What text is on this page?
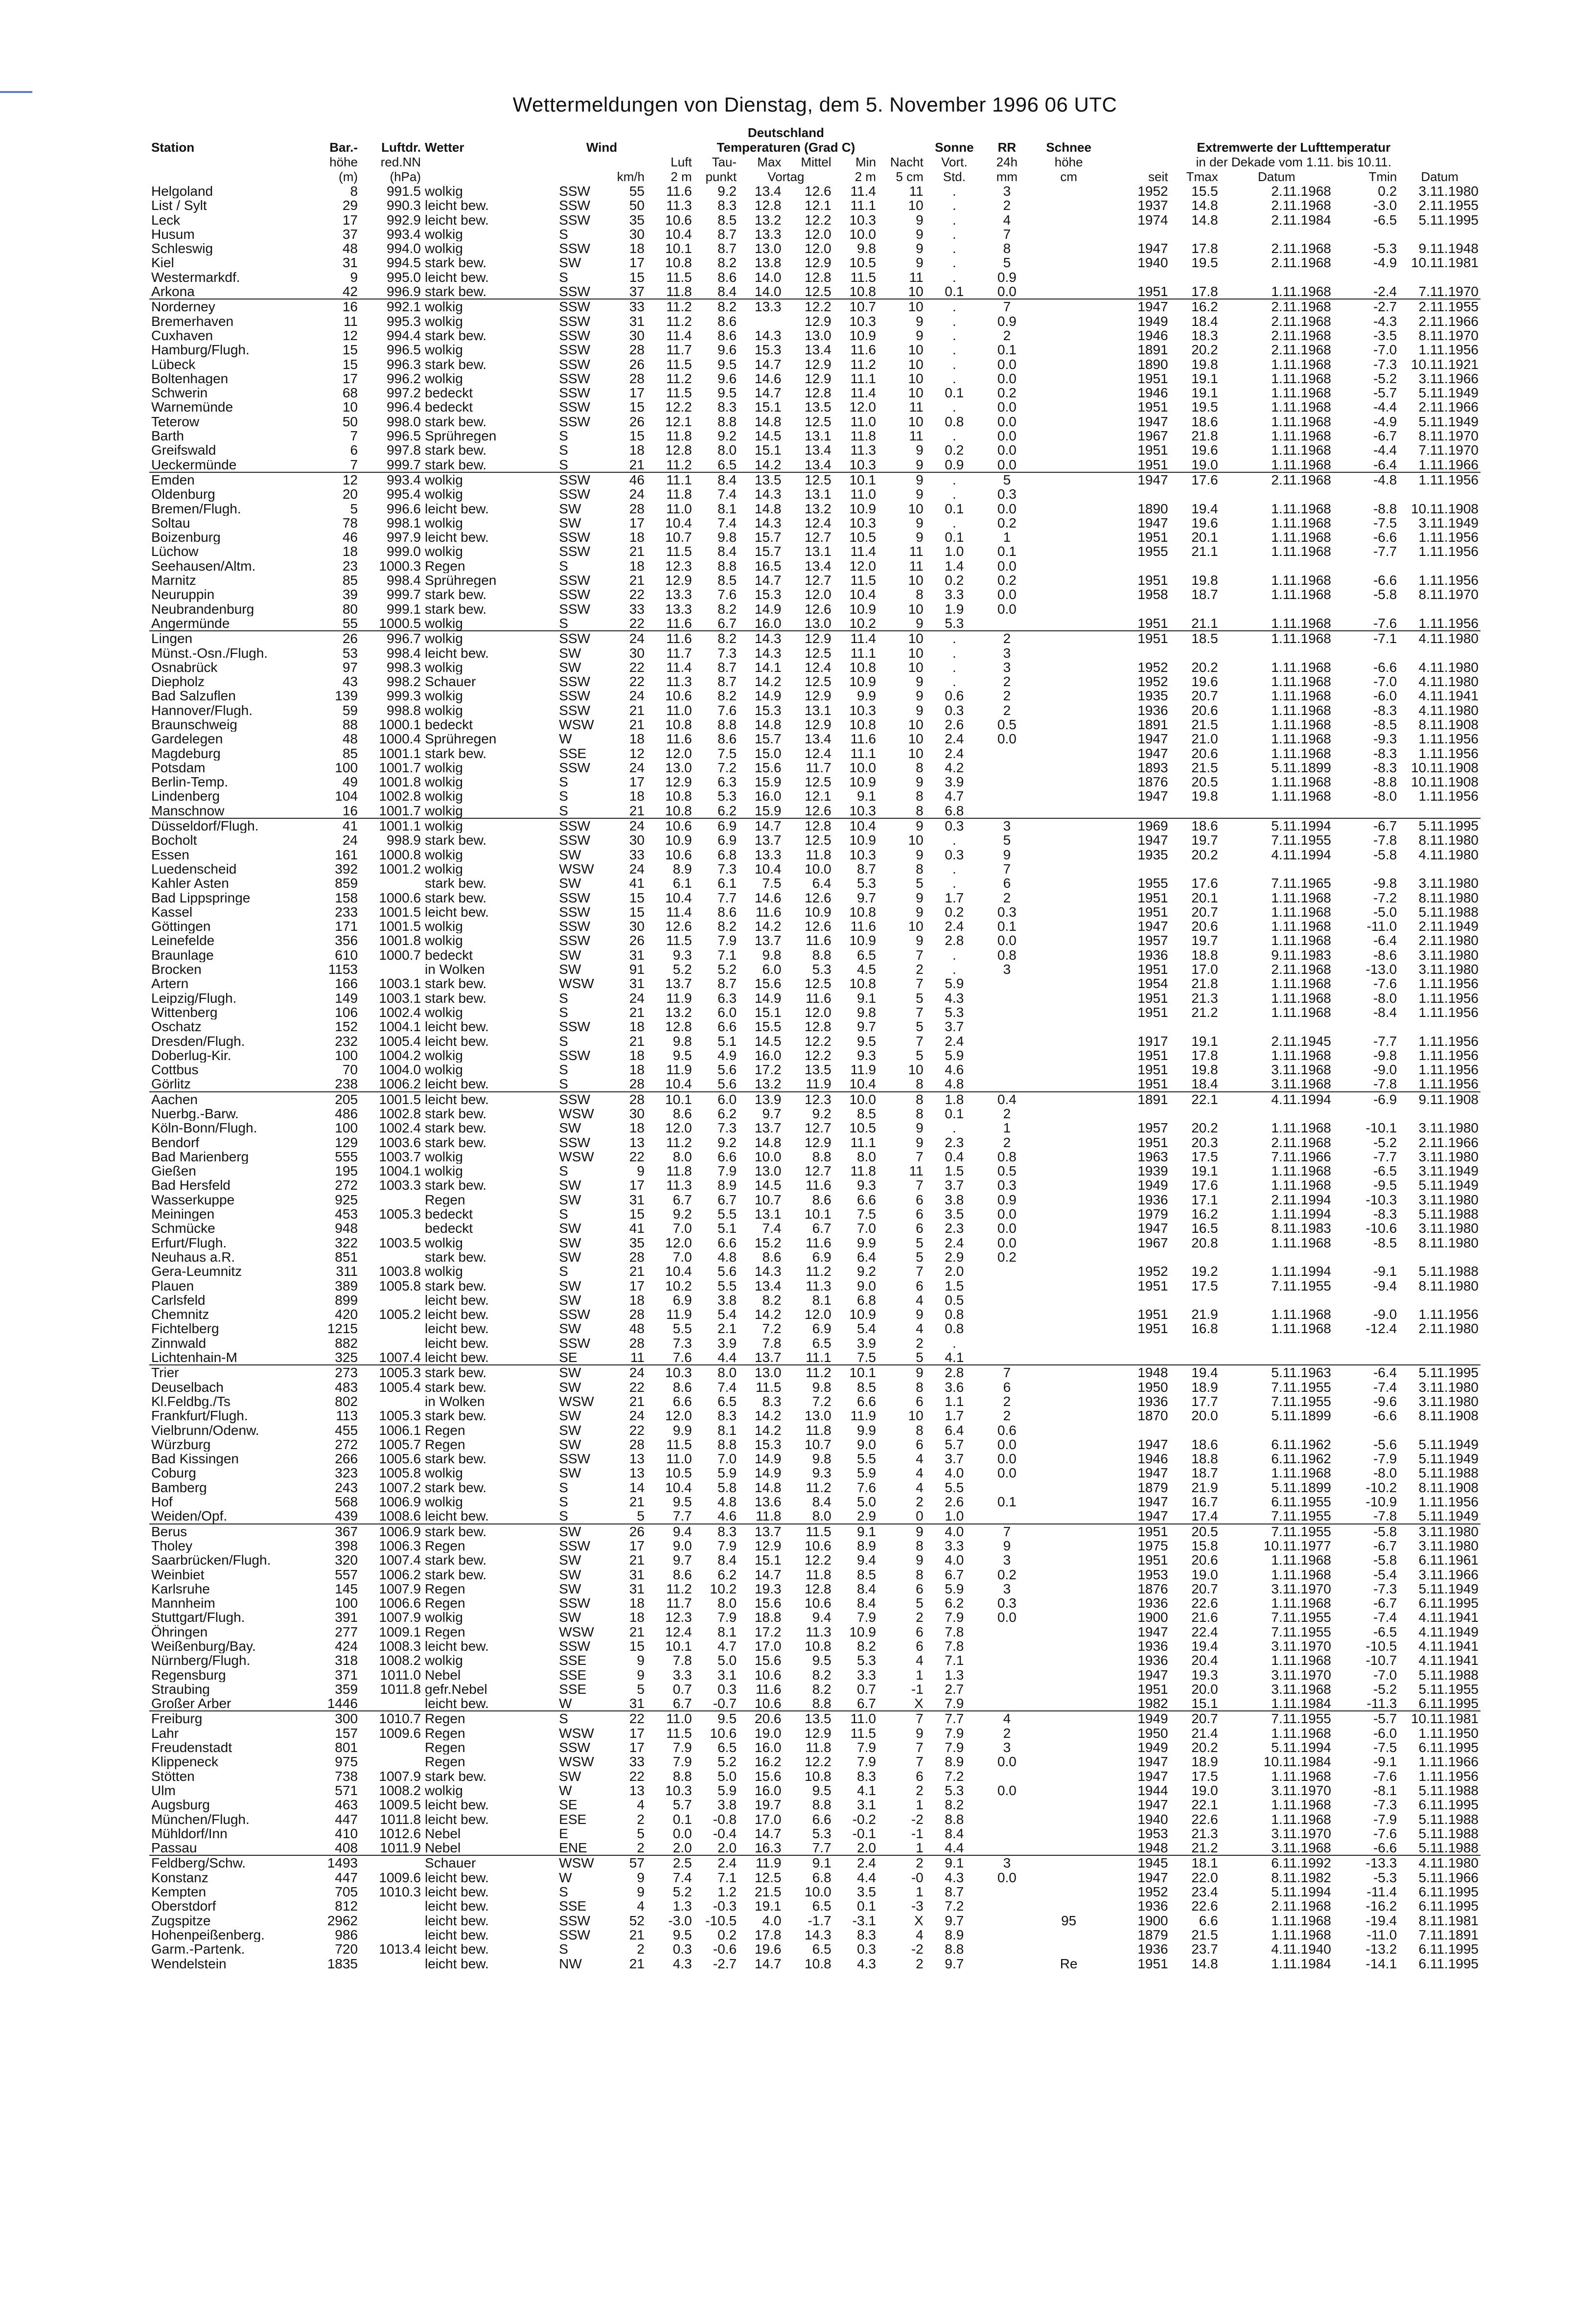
Wettermeldungen von Dienstag, dem 5. November 1996 06 UTC
						Deutschland													
Station	Bar.-	Luftdr.	Wetter	Wind		Temperaturen (Grad C)						Sonne	RR	Schnee	Extremwerte der Lufttemperatur				
	höhe	red.NN				Luft	Tau-	Max	Mittel	Min	Nacht	Vort.	24h	höhe	in der Dekade vom 1.11. bis 10.11.				
	(m)	(hPa)			km/h	2 m	punkt	Vortag		2 m	5 cm	Std.	mm	cm	seit	Tmax	Datum	Tmin	Datum
Helgoland	8	991.5	wolkig	SSW	55	11.6	9.2	13.4	12.6	11.4	11	.	3		1952	15.5	2.11.1968	0.2	3.11.1980
List / Sylt	29	990.3	leicht bew.	SSW	50	11.3	8.3	12.8	12.1	11.1	10	.	2		1937	14.8	2.11.1968	-3.0	2.11.1955
Leck	17	992.9	leicht bew.	SSW	35	10.6	8.5	13.2	12.2	10.3	9	.	4		1974	14.8	2.11.1984	-6.5	5.11.1995
Husum	37	993.4	wolkig	S	30	10.4	8.7	13.3	12.0	10.0	9	.	7						
Schleswig	48	994.0	wolkig	SSW	18	10.1	8.7	13.0	12.0	9.8	9	.	8		1947	17.8	2.11.1968	-5.3	9.11.1948
Kiel	31	994.5	stark bew.	SW	17	10.8	8.2	13.8	12.9	10.5	9	.	5		1940	19.5	2.11.1968	-4.9	10.11.1981
Westermarkdf.	9	995.0	leicht bew.	S	15	11.5	8.6	14.0	12.8	11.5	11	.	0.9						
Arkona	42	996.9	stark bew.	SSW	37	11.8	8.4	14.0	12.5	10.8	10	0.1	0.0		1951	17.8	1.11.1968	-2.4	7.11.1970
Norderney	16	992.1	wolkig	SSW	33	11.2	8.2	13.3	12.2	10.7	10	.	7		1947	16.2	2.11.1968	-2.7	2.11.1955
Bremerhaven	11	995.3	wolkig	SSW	31	11.2	8.6		12.9	10.3	9	.	0.9		1949	18.4	2.11.1968	-4.3	2.11.1966
Cuxhaven	12	994.4	stark bew.	SSW	30	11.4	8.6	14.3	13.0	10.9	9	.	2		1946	18.3	2.11.1968	-3.5	8.11.1970
Hamburg/Flugh.	15	996.5	wolkig	SSW	28	11.7	9.6	15.3	13.4	11.6	10	.	0.1		1891	20.2	2.11.1968	-7.0	1.11.1956
Lübeck	15	996.3	stark bew.	SSW	26	11.5	9.5	14.7	12.9	11.2	10	.	0.0		1890	19.8	1.11.1968	-7.3	10.11.1921
Boltenhagen	17	996.2	wolkig	SSW	28	11.2	9.6	14.6	12.9	11.1	10	.	0.0		1951	19.1	1.11.1968	-5.2	3.11.1966
Schwerin	68	997.2	bedeckt	SSW	17	11.5	9.5	14.7	12.8	11.4	10	0.1	0.2		1946	19.1	1.11.1968	-5.7	5.11.1949
Warnemünde	10	996.4	bedeckt	SSW	15	12.2	8.3	15.1	13.5	12.0	11	.	0.0		1951	19.5	1.11.1968	-4.4	2.11.1966
Teterow	50	998.0	stark bew.	SSW	26	12.1	8.8	14.8	12.5	11.0	10	0.8	0.0		1947	18.6	1.11.1968	-4.9	5.11.1949
Barth	7	996.5	Sprühregen	S	15	11.8	9.2	14.5	13.1	11.8	11	.	0.0		1967	21.8	1.11.1968	-6.7	8.11.1970
Greifswald	6	997.8	stark bew.	S	18	12.8	8.0	15.1	13.4	11.3	9	0.2	0.0		1951	19.6	1.11.1968	-4.4	7.11.1970
Ueckermünde	7	999.7	stark bew.	S	21	11.2	6.5	14.2	13.4	10.3	9	0.9	0.0		1951	19.0	1.11.1968	-6.4	1.11.1966
Emden	12	993.4	wolkig	SSW	46	11.1	8.4	13.5	12.5	10.1	9	.	5		1947	17.6	2.11.1968	-4.8	1.11.1956
Oldenburg	20	995.4	wolkig	SSW	24	11.8	7.4	14.3	13.1	11.0	9	.	0.3						
Bremen/Flugh.	5	996.6	leicht bew.	SW	28	11.0	8.1	14.8	13.2	10.9	10	0.1	0.0		1890	19.4	1.11.1968	-8.8	10.11.1908
Soltau	78	998.1	wolkig	SW	17	10.4	7.4	14.3	12.4	10.3	9	.	0.2		1947	19.6	1.11.1968	-7.5	3.11.1949
Boizenburg	46	997.9	leicht bew.	SSW	18	10.7	9.8	15.7	12.7	10.5	9	0.1	1		1951	20.1	1.11.1968	-6.6	1.11.1956
Lüchow	18	999.0	wolkig	SSW	21	11.5	8.4	15.7	13.1	11.4	11	1.0	0.1		1955	21.1	1.11.1968	-7.7	1.11.1956
Seehausen/Altm.	23	1000.3	Regen	S	18	12.3	8.8	16.5	13.4	12.0	11	1.4	0.0						
Marnitz	85	998.4	Sprühregen	SSW	21	12.9	8.5	14.7	12.7	11.5	10	0.2	0.2		1951	19.8	1.11.1968	-6.6	1.11.1956
Neuruppin	39	999.7	stark bew.	SSW	22	13.3	7.6	15.3	12.0	10.4	8	3.3	0.0		1958	18.7	1.11.1968	-5.8	8.11.1970
Neubrandenburg	80	999.1	stark bew.	SSW	33	13.3	8.2	14.9	12.6	10.9	10	1.9	0.0						
Angermünde	55	1000.5	wolkig	S	22	11.6	6.7	16.0	13.0	10.2	9	5.3			1951	21.1	1.11.1968	-7.6	1.11.1956
Lingen	26	996.7	wolkig	SSW	24	11.6	8.2	14.3	12.9	11.4	10	.	2		1951	18.5	1.11.1968	-7.1	4.11.1980
Münst.-Osn./Flugh.	53	998.4	leicht bew.	SW	30	11.7	7.3	14.3	12.5	11.1	10	.	3						
Osnabrück	97	998.3	wolkig	SW	22	11.4	8.7	14.1	12.4	10.8	10	.	3		1952	20.2	1.11.1968	-6.6	4.11.1980
Diepholz	43	998.2	Schauer	SSW	22	11.3	8.7	14.2	12.5	10.9	9	.	2		1952	19.6	1.11.1968	-7.0	4.11.1980
Bad Salzuflen	139	999.3	wolkig	SSW	24	10.6	8.2	14.9	12.9	9.9	9	0.6	2		1935	20.7	1.11.1968	-6.0	4.11.1941
Hannover/Flugh.	59	998.8	wolkig	SSW	21	11.0	7.6	15.3	13.1	10.3	9	0.3	2		1936	20.6	1.11.1968	-8.3	4.11.1980
Braunschweig	88	1000.1	bedeckt	WSW	21	10.8	8.8	14.8	12.9	10.8	10	2.6	0.5		1891	21.5	1.11.1968	-8.5	8.11.1908
Gardelegen	48	1000.4	Sprühregen	W	18	11.6	8.6	15.7	13.4	11.6	10	2.4	0.0		1947	21.0	1.11.1968	-9.3	1.11.1956
Magdeburg	85	1001.1	stark bew.	SSE	12	12.0	7.5	15.0	12.4	11.1	10	2.4			1947	20.6	1.11.1968	-8.3	1.11.1956
Potsdam	100	1001.7	wolkig	SSW	24	13.0	7.2	15.6	11.7	10.0	8	4.2			1893	21.5	5.11.1899	-8.3	10.11.1908
Berlin-Temp.	49	1001.8	wolkig	S	17	12.9	6.3	15.9	12.5	10.9	9	3.9			1876	20.5	1.11.1968	-8.8	10.11.1908
Lindenberg	104	1002.8	wolkig	S	18	10.8	5.3	16.0	12.1	9.1	8	4.7			1947	19.8	1.11.1968	-8.0	1.11.1956
Manschnow	16	1001.7	wolkig	S	21	10.8	6.2	15.9	12.6	10.3	8	6.8							
Düsseldorf/Flugh.	41	1001.1	wolkig	SSW	24	10.6	6.9	14.7	12.8	10.4	9	0.3	3		1969	18.6	5.11.1994	-6.7	5.11.1995
Bocholt	24	998.9	stark bew.	SSW	30	10.9	6.9	13.7	12.5	10.9	10	.	5		1947	19.7	7.11.1955	-7.8	8.11.1980
Essen	161	1000.8	wolkig	SW	33	10.6	6.8	13.3	11.8	10.3	9	0.3	9		1935	20.2	4.11.1994	-5.8	4.11.1980
Luedenscheid	392	1001.2	wolkig	WSW	24	8.9	7.3	10.4	10.0	8.7	8	.	7						
Kahler Asten	859		stark bew.	SW	41	6.1	6.1	7.5	6.4	5.3	5	.	6		1955	17.6	7.11.1965	-9.8	3.11.1980
Bad Lippspringe	158	1000.6	stark bew.	SSW	15	10.4	7.7	14.6	12.6	9.7	9	1.7	2		1951	20.1	1.11.1968	-7.2	8.11.1980
Kassel	233	1001.5	leicht bew.	SSW	15	11.4	8.6	11.6	10.9	10.8	9	0.2	0.3		1951	20.7	1.11.1968	-5.0	5.11.1988
Göttingen	171	1001.5	wolkig	SSW	30	12.6	8.2	14.2	12.6	11.6	10	2.4	0.1		1947	20.6	1.11.1968	-11.0	2.11.1949
Leinefelde	356	1001.8	wolkig	SSW	26	11.5	7.9	13.7	11.6	10.9	9	2.8	0.0		1957	19.7	1.11.1968	-6.4	2.11.1980
Braunlage	610	1000.7	bedeckt	SW	31	9.3	7.1	9.8	8.8	6.5	7	.	0.8		1936	18.8	9.11.1983	-8.6	3.11.1980
Brocken	1153		in Wolken	SW	91	5.2	5.2	6.0	5.3	4.5	2	.	3		1951	17.0	2.11.1968	-13.0	3.11.1980
Artern	166	1003.1	stark bew.	WSW	31	13.7	8.7	15.6	12.5	10.8	7	5.9			1954	21.8	1.11.1968	-7.6	1.11.1956
Leipzig/Flugh.	149	1003.1	stark bew.	S	24	11.9	6.3	14.9	11.6	9.1	5	4.3			1951	21.3	1.11.1968	-8.0	1.11.1956
Wittenberg	106	1002.4	wolkig	S	21	13.2	6.0	15.1	12.0	9.8	7	5.3			1951	21.2	1.11.1968	-8.4	1.11.1956
Oschatz	152	1004.1	leicht bew.	SSW	18	12.8	6.6	15.5	12.8	9.7	5	3.7							
Dresden/Flugh.	232	1005.4	leicht bew.	S	21	9.8	5.1	14.5	12.2	9.5	7	2.4			1917	19.1	2.11.1945	-7.7	1.11.1956
Doberlug-Kir.	100	1004.2	wolkig	SSW	18	9.5	4.9	16.0	12.2	9.3	5	5.9			1951	17.8	1.11.1968	-9.8	1.11.1956
Cottbus	70	1004.0	wolkig	S	18	11.9	5.6	17.2	13.5	11.9	10	4.6			1951	19.8	3.11.1968	-9.0	1.11.1956
Görlitz	238	1006.2	leicht bew.	S	28	10.4	5.6	13.2	11.9	10.4	8	4.8			1951	18.4	3.11.1968	-7.8	1.11.1956
Aachen	205	1001.5	leicht bew.	SSW	28	10.1	6.0	13.9	12.3	10.0	8	1.8	0.4		1891	22.1	4.11.1994	-6.9	9.11.1908
Nuerbg.-Barw.	486	1002.8	stark bew.	WSW	30	8.6	6.2	9.7	9.2	8.5	8	0.1	2						
Köln-Bonn/Flugh.	100	1002.4	stark bew.	SW	18	12.0	7.3	13.7	12.7	10.5	9	.	1		1957	20.2	1.11.1968	-10.1	3.11.1980
Bendorf	129	1003.6	stark bew.	SSW	13	11.2	9.2	14.8	12.9	11.1	9	2.3	2		1951	20.3	2.11.1968	-5.2	2.11.1966
Bad Marienberg	555	1003.7	wolkig	WSW	22	8.0	6.6	10.0	8.8	8.0	7	0.4	0.8		1963	17.5	7.11.1966	-7.7	3.11.1980
Gießen	195	1004.1	wolkig	S	9	11.8	7.9	13.0	12.7	11.8	11	1.5	0.5		1939	19.1	1.11.1968	-6.5	3.11.1949
Bad Hersfeld	272	1003.3	stark bew.	SW	17	11.3	8.9	14.5	11.6	9.3	7	3.7	0.3		1949	17.6	1.11.1968	-9.5	5.11.1949
Wasserkuppe	925		Regen	SW	31	6.7	6.7	10.7	8.6	6.6	6	3.8	0.9		1936	17.1	2.11.1994	-10.3	3.11.1980
Meiningen	453	1005.3	bedeckt	S	15	9.2	5.5	13.1	10.1	7.5	6	3.5	0.0		1979	16.2	1.11.1994	-8.3	5.11.1988
Schmücke	948		bedeckt	SW	41	7.0	5.1	7.4	6.7	7.0	6	2.3	0.0		1947	16.5	8.11.1983	-10.6	3.11.1980
Erfurt/Flugh.	322	1003.5	wolkig	SW	35	12.0	6.6	15.2	11.6	9.9	5	2.4	0.0		1967	20.8	1.11.1968	-8.5	8.11.1980
Neuhaus a.R.	851		stark bew.	SW	28	7.0	4.8	8.6	6.9	6.4	5	2.9	0.2						
Gera-Leumnitz	311	1003.8	wolkig	S	21	10.4	5.6	14.3	11.2	9.2	7	2.0			1952	19.2	1.11.1994	-9.1	5.11.1988
Plauen	389	1005.8	stark bew.	SW	17	10.2	5.5	13.4	11.3	9.0	6	1.5			1951	17.5	7.11.1955	-9.4	8.11.1980
Carlsfeld	899		leicht bew.	SW	18	6.9	3.8	8.2	8.1	6.8	4	0.5							
Chemnitz	420	1005.2	leicht bew.	SSW	28	11.9	5.4	14.2	12.0	10.9	9	0.8			1951	21.9	1.11.1968	-9.0	1.11.1956
Fichtelberg	1215		leicht bew.	SW	48	5.5	2.1	7.2	6.9	5.4	4	0.8			1951	16.8	1.11.1968	-12.4	2.11.1980
Zinnwald	882		leicht bew.	SSW	28	7.3	3.9	7.8	6.5	3.9	2	.							
Lichtenhain-M	325	1007.4	leicht bew.	SE	11	7.6	4.4	13.7	11.1	7.5	5	4.1							
Trier	273	1005.3	stark bew.	SW	24	10.3	8.0	13.0	11.2	10.1	9	2.8	7		1948	19.4	5.11.1963	-6.4	5.11.1995
Deuselbach	483	1005.4	stark bew.	SW	22	8.6	7.4	11.5	9.8	8.5	8	3.6	6		1950	18.9	7.11.1955	-7.4	3.11.1980
Kl.Feldbg./Ts	802		in Wolken	WSW	21	6.6	6.5	8.3	7.2	6.6	6	1.1	2		1936	17.7	7.11.1955	-9.6	3.11.1980
Frankfurt/Flugh.	113	1005.3	stark bew.	SW	24	12.0	8.3	14.2	13.0	11.9	10	1.7	2		1870	20.0	5.11.1899	-6.6	8.11.1908
Vielbrunn/Odenw.	455	1006.1	Regen	SW	22	9.9	8.1	14.2	11.8	9.9	8	6.4	0.6						
Würzburg	272	1005.7	Regen	SW	28	11.5	8.8	15.3	10.7	9.0	6	5.7	0.0		1947	18.6	6.11.1962	-5.6	5.11.1949
Bad Kissingen	266	1005.6	stark bew.	SSW	13	11.0	7.0	14.9	9.8	5.5	4	3.7	0.0		1946	18.8	6.11.1962	-7.9	5.11.1949
Coburg	323	1005.8	wolkig	SW	13	10.5	5.9	14.9	9.3	5.9	4	4.0	0.0		1947	18.7	1.11.1968	-8.0	5.11.1988
Bamberg	243	1007.2	stark bew.	S	14	10.4	5.8	14.8	11.2	7.6	4	5.5			1879	21.9	5.11.1899	-10.2	8.11.1908
Hof	568	1006.9	wolkig	S	21	9.5	4.8	13.6	8.4	5.0	2	2.6	0.1		1947	16.7	6.11.1955	-10.9	1.11.1956
Weiden/Opf.	439	1008.6	leicht bew.	S	5	7.7	4.6	11.8	8.0	2.9	0	1.0			1947	17.4	7.11.1955	-7.8	5.11.1949
Berus	367	1006.9	stark bew.	SW	26	9.4	8.3	13.7	11.5	9.1	9	4.0	7		1951	20.5	7.11.1955	-5.8	3.11.1980
Tholey	398	1006.3	Regen	SSW	17	9.0	7.9	12.9	10.6	8.9	8	3.3	9		1975	15.8	10.11.1977	-6.7	3.11.1980
Saarbrücken/Flugh.	320	1007.4	stark bew.	SW	21	9.7	8.4	15.1	12.2	9.4	9	4.0	3		1951	20.6	1.11.1968	-5.8	6.11.1961
Weinbiet	557	1006.2	stark bew.	SW	31	8.6	6.2	14.7	11.8	8.5	8	6.7	0.2		1953	19.0	1.11.1968	-5.4	3.11.1966
Karlsruhe	145	1007.9	Regen	SW	31	11.2	10.2	19.3	12.8	8.4	6	5.9	3		1876	20.7	3.11.1970	-7.3	5.11.1949
Mannheim	100	1006.6	Regen	SSW	18	11.7	8.0	15.6	10.6	8.4	5	6.2	0.3		1936	22.6	1.11.1968	-6.7	6.11.1995
Stuttgart/Flugh.	391	1007.9	wolkig	SW	18	12.3	7.9	18.8	9.4	7.9	2	7.9	0.0		1900	21.6	7.11.1955	-7.4	4.11.1941
Öhringen	277	1009.1	Regen	WSW	21	12.4	8.1	17.2	11.3	10.9	6	7.8			1947	22.4	7.11.1955	-6.5	4.11.1949
Weißenburg/Bay.	424	1008.3	leicht bew.	SSW	15	10.1	4.7	17.0	10.8	8.2	6	7.8			1936	19.4	3.11.1970	-10.5	4.11.1941
Nürnberg/Flugh.	318	1008.2	wolkig	SSE	9	7.8	5.0	15.6	9.5	5.3	4	7.1			1936	20.4	1.11.1968	-10.7	4.11.1941
Regensburg	371	1011.0	Nebel	SSE	9	3.3	3.1	10.6	8.2	3.3	1	1.3			1947	19.3	3.11.1970	-7.0	5.11.1988
Straubing	359	1011.8	gefr.Nebel	SSE	5	0.7	0.3	11.6	8.2	0.7	-1	2.7			1951	20.0	3.11.1968	-5.2	5.11.1955
Großer Arber	1446		leicht bew.	W	31	6.7	-0.7	10.6	8.8	6.7	X	7.9			1982	15.1	1.11.1984	-11.3	6.11.1995
Freiburg	300	1010.7	Regen	S	22	11.0	9.5	20.6	13.5	11.0	7	7.7	4		1949	20.7	7.11.1955	-5.7	10.11.1981
Lahr	157	1009.6	Regen	WSW	17	11.5	10.6	19.0	12.9	11.5	9	7.9	2		1950	21.4	1.11.1968	-6.0	1.11.1950
Freudenstadt	801		Regen	SSW	17	7.9	6.5	16.0	11.8	7.9	7	7.9	3		1949	20.2	5.11.1994	-7.5	6.11.1995
Klippeneck	975		Regen	WSW	33	7.9	5.2	16.2	12.2	7.9	7	8.9	0.0		1947	18.9	10.11.1984	-9.1	1.11.1966
Stötten	738	1007.9	stark bew.	SW	22	8.8	5.0	15.6	10.8	8.3	6	7.2			1947	17.5	1.11.1968	-7.6	1.11.1956
Ulm	571	1008.2	wolkig	W	13	10.3	5.9	16.0	9.5	4.1	2	5.3	0.0		1944	19.0	3.11.1970	-8.1	5.11.1988
Augsburg	463	1009.5	leicht bew.	SE	4	5.7	3.8	19.7	8.8	3.1	1	8.2			1947	22.1	1.11.1968	-7.3	6.11.1995
München/Flugh.	447	1011.8	leicht bew.	ESE	2	0.1	-0.8	17.0	6.6	-0.2	-2	8.8			1940	22.6	1.11.1968	-7.9	5.11.1988
Mühldorf/Inn	410	1012.6	Nebel	E	5	0.0	-0.4	14.7	5.3	-0.1	-1	8.4			1953	21.3	3.11.1970	-7.6	5.11.1988
Passau	408	1011.9	Nebel	ENE	2	2.0	2.0	16.3	7.7	2.0	1	4.4			1948	21.2	3.11.1968	-6.6	5.11.1988
Feldberg/Schw.	1493		Schauer	WSW	57	2.5	2.4	11.9	9.1	2.4	2	9.1	3		1945	18.1	6.11.1992	-13.3	4.11.1980
Konstanz	447	1009.6	leicht bew.	W	9	7.4	7.1	12.5	6.8	4.4	-0	4.3	0.0		1947	22.0	8.11.1982	-5.3	5.11.1966
Kempten	705	1010.3	leicht bew.	S	9	5.2	1.2	21.5	10.0	3.5	1	8.7			1952	23.4	5.11.1994	-11.4	6.11.1995
Oberstdorf	812		leicht bew.	SSE	4	1.3	-0.3	19.1	6.5	0.1	-3	7.2			1936	22.6	2.11.1968	-16.2	6.11.1995
Zugspitze	2962		leicht bew.	SSW	52	-3.0	-10.5	4.0	-1.7	-3.1	X	9.7		95	1900	6.6	1.11.1968	-19.4	8.11.1981
Hohenpeißenberg.	986		leicht bew.	SSW	21	9.5	0.2	17.8	14.3	8.3	4	8.9			1879	21.5	1.11.1968	-11.0	7.11.1891
Garm.-Partenk.	720	1013.4	leicht bew.	S	2	0.3	-0.6	19.6	6.5	0.3	-2	8.8			1936	23.7	4.11.1940	-13.2	6.11.1995
Wendelstein	1835		leicht bew.	NW	21	4.3	-2.7	14.7	10.8	4.3	2	9.7		Re	1951	14.8	1.11.1984	-14.1	6.11.1995
